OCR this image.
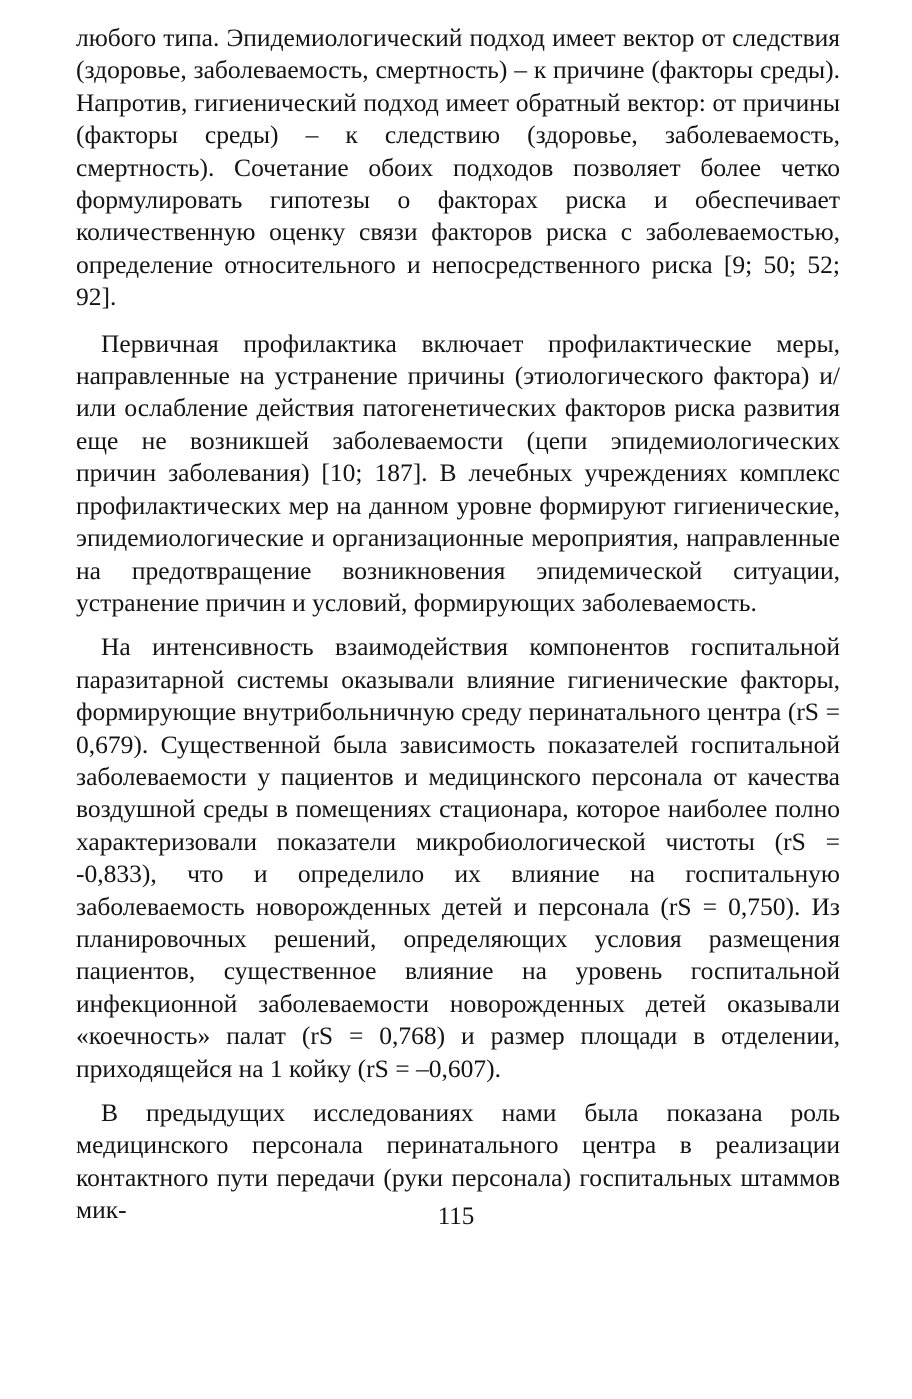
любого типа. Эпидемиологический подход имеет вектор от следствия (здоровье, заболеваемость, смертность) – к причине (факторы среды). Напротив, гигиенический подход имеет обратный вектор: от причины (факторы среды) – к следствию (здоровье, заболеваемость, смертность). Сочетание обоих подходов позволяет более четко формулировать гипотезы о факторах риска и обеспечивает количественную оценку связи факторов риска с заболеваемостью, определение относительного и непосредственного риска [9; 50; 52; 92].

Первичная профилактика включает профилактические меры, направленные на устранение причины (этиологического фактора) и/или ослабление действия патогенетических факторов риска развития еще не возникшей заболеваемости (цепи эпидемиологических причин заболевания) [10; 187]. В лечебных учреждениях комплекс профилактических мер на данном уровне формируют гигиенические, эпидемиологические и организационные мероприятия, направленные на предотвращение возникновения эпидемической ситуации, устранение причин и условий, формирующих заболеваемость.

На интенсивность взаимодействия компонентов госпитальной паразитарной системы оказывали влияние гигиенические факторы, формирующие внутрибольничную среду перинатального центра (rS = 0,679). Существенной была зависимость показателей госпитальной заболеваемости у пациентов и медицинского персонала от качества воздушной среды в помещениях стационара, которое наиболее полно характеризовали показатели микробиологической чистоты (rS = -0,833), что и определило их влияние на госпитальную заболеваемость новорожденных детей и персонала (rS = 0,750). Из планировочных решений, определяющих условия размещения пациентов, существенное влияние на уровень госпитальной инфекционной заболеваемости новорожденных детей оказывали «коечность» палат (rS = 0,768) и размер площади в отделении, приходящейся на 1 койку (rS = –0,607).

В предыдущих исследованиях нами была показана роль медицинского персонала перинатального центра в реализации контактного пути передачи (руки персонала) госпитальных штаммов мик-	115
